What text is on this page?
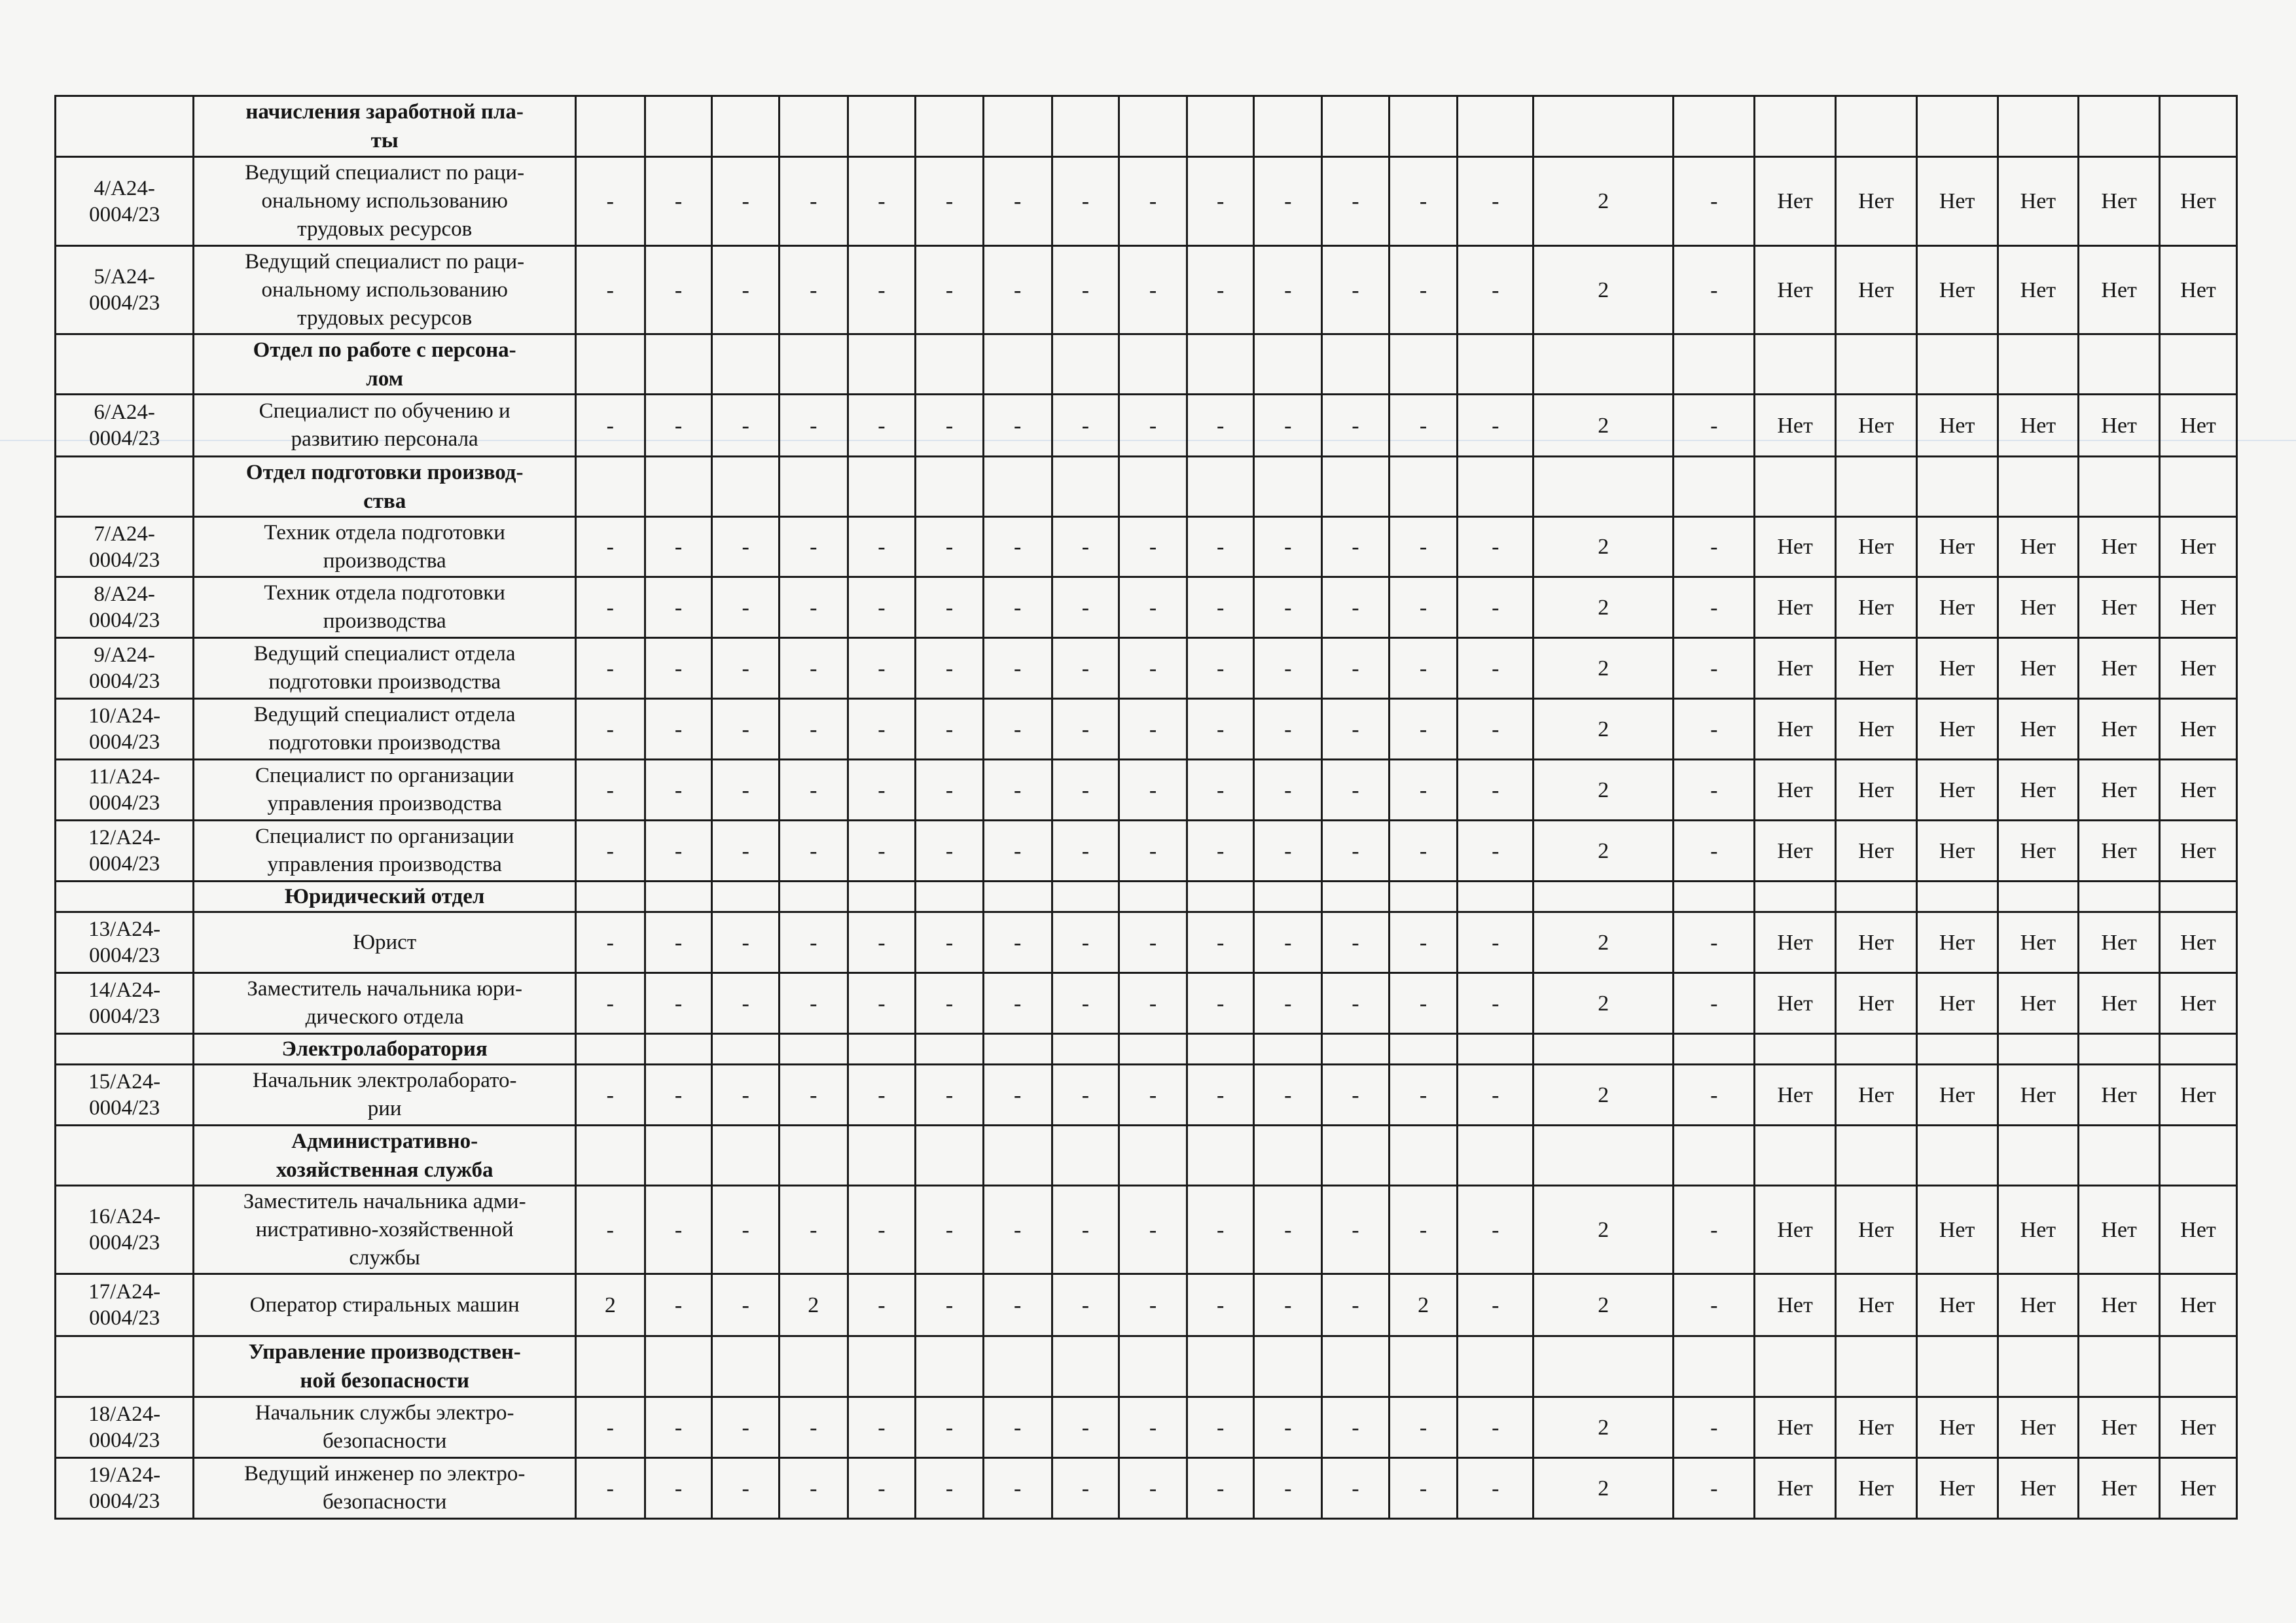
	начисления заработной пла-
ты																						
4/А24-
0004/23	Ведущий специалист по раци-
ональному использованию
трудовых ресурсов	-	-	-	-	-	-	-	-	-	-	-	-	-	-	2	-	Нет	Нет	Нет	Нет	Нет	Нет
5/А24-
0004/23	Ведущий специалист по раци-
ональному использованию
трудовых ресурсов	-	-	-	-	-	-	-	-	-	-	-	-	-	-	2	-	Нет	Нет	Нет	Нет	Нет	Нет
	Отдел по работе с персона-
лом																						
6/А24-
0004/23	Специалист по обучению и
развитию персонала	-	-	-	-	-	-	-	-	-	-	-	-	-	-	2	-	Нет	Нет	Нет	Нет	Нет	Нет
	Отдел подготовки производ-
ства																						
7/А24-
0004/23	Техник отдела подготовки
производства	-	-	-	-	-	-	-	-	-	-	-	-	-	-	2	-	Нет	Нет	Нет	Нет	Нет	Нет
8/А24-
0004/23	Техник отдела подготовки
производства	-	-	-	-	-	-	-	-	-	-	-	-	-	-	2	-	Нет	Нет	Нет	Нет	Нет	Нет
9/А24-
0004/23	Ведущий специалист отдела
подготовки производства	-	-	-	-	-	-	-	-	-	-	-	-	-	-	2	-	Нет	Нет	Нет	Нет	Нет	Нет
10/А24-
0004/23	Ведущий специалист отдела
подготовки производства	-	-	-	-	-	-	-	-	-	-	-	-	-	-	2	-	Нет	Нет	Нет	Нет	Нет	Нет
11/А24-
0004/23	Специалист по организации
управления производства	-	-	-	-	-	-	-	-	-	-	-	-	-	-	2	-	Нет	Нет	Нет	Нет	Нет	Нет
12/А24-
0004/23	Специалист по организации
управления производства	-	-	-	-	-	-	-	-	-	-	-	-	-	-	2	-	Нет	Нет	Нет	Нет	Нет	Нет
	Юридический отдел																						
13/А24-
0004/23	Юрист	-	-	-	-	-	-	-	-	-	-	-	-	-	-	2	-	Нет	Нет	Нет	Нет	Нет	Нет
14/А24-
0004/23	Заместитель начальника юри-
дического отдела	-	-	-	-	-	-	-	-	-	-	-	-	-	-	2	-	Нет	Нет	Нет	Нет	Нет	Нет
	Электролаборатория																						
15/А24-
0004/23	Начальник электролаборато-
рии	-	-	-	-	-	-	-	-	-	-	-	-	-	-	2	-	Нет	Нет	Нет	Нет	Нет	Нет
	Административно-
хозяйственная служба																						
16/А24-
0004/23	Заместитель начальника адми-
нистративно-хозяйственной
службы	-	-	-	-	-	-	-	-	-	-	-	-	-	-	2	-	Нет	Нет	Нет	Нет	Нет	Нет
17/А24-
0004/23	Оператор стиральных машин	2	-	-	2	-	-	-	-	-	-	-	-	2	-	2	-	Нет	Нет	Нет	Нет	Нет	Нет
	Управление производствен-
ной безопасности																						
18/А24-
0004/23	Начальник службы электро-
безопасности	-	-	-	-	-	-	-	-	-	-	-	-	-	-	2	-	Нет	Нет	Нет	Нет	Нет	Нет
19/А24-
0004/23	Ведущий инженер по электро-
безопасности	-	-	-	-	-	-	-	-	-	-	-	-	-	-	2	-	Нет	Нет	Нет	Нет	Нет	Нет
